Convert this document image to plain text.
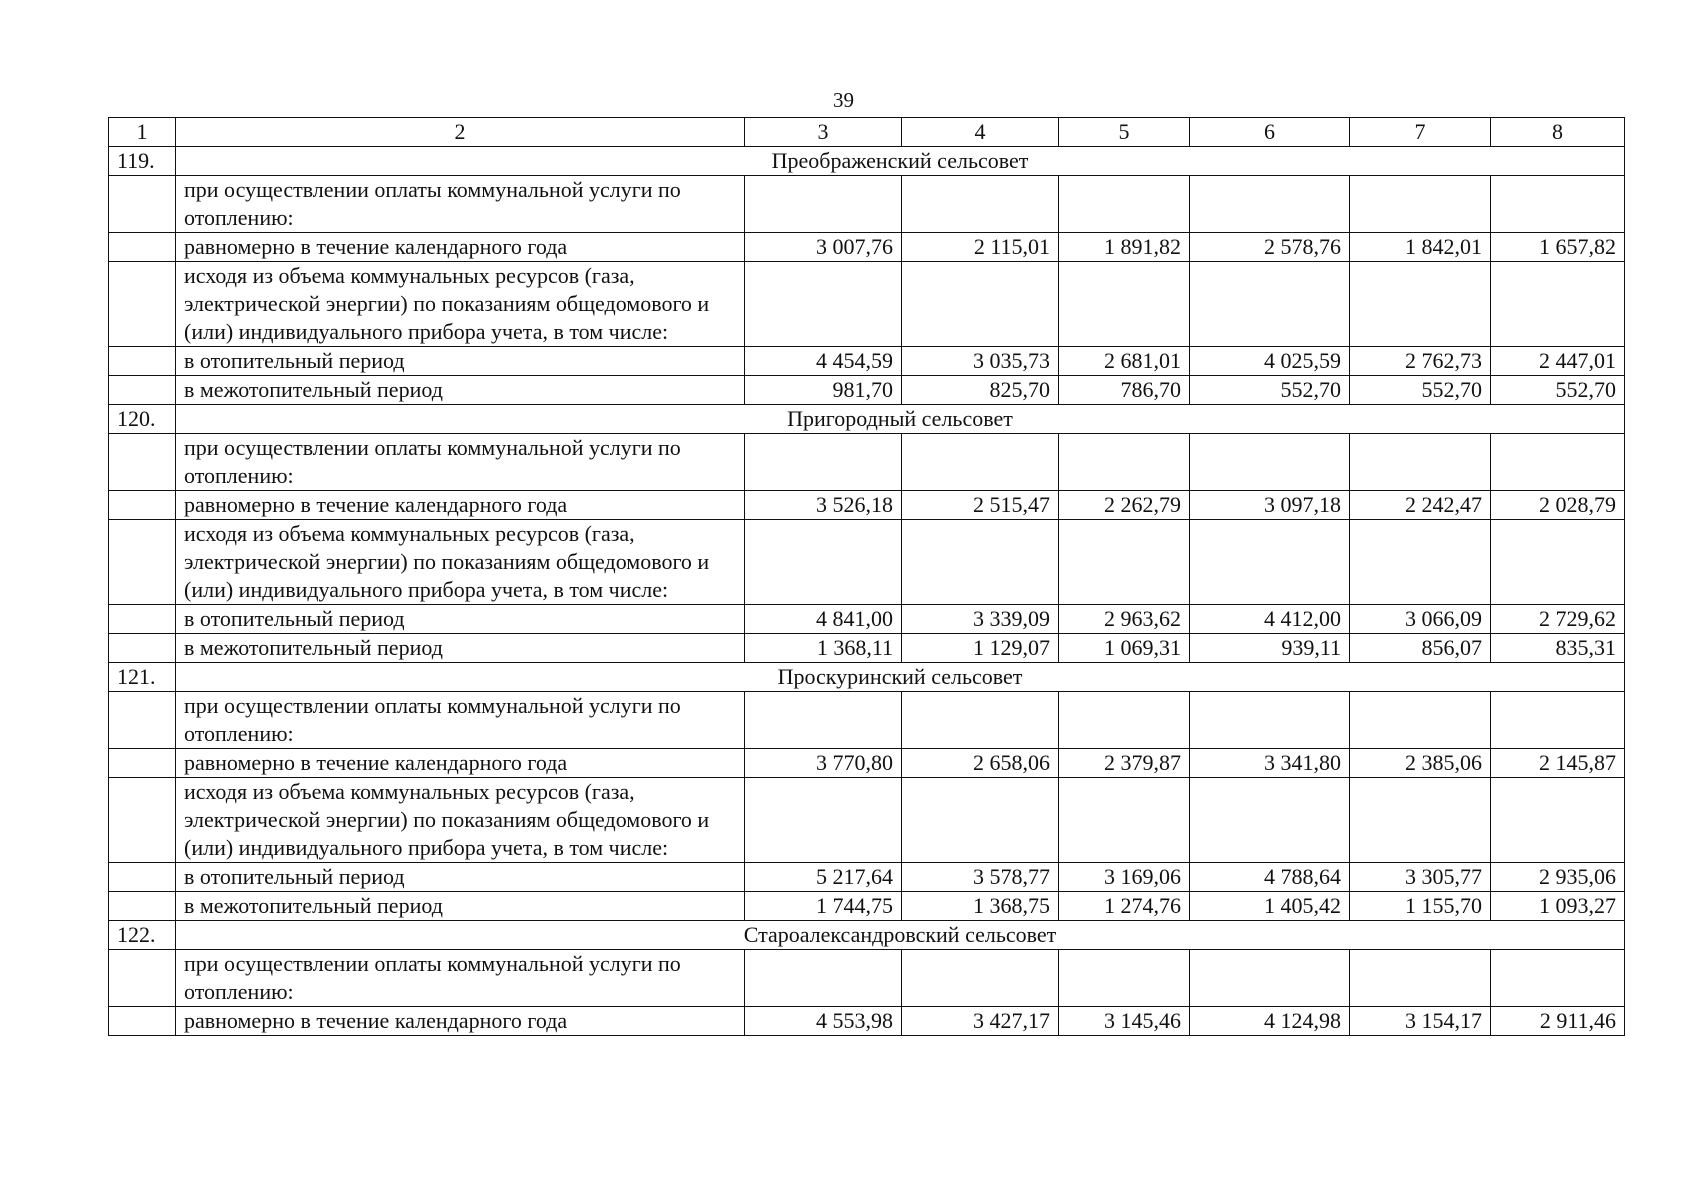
39
1	2	3	4	5	6	7	8
119.	Преображенский сельсовет						
	при осуществлении оплаты коммунальной услуги по отоплению:						
	равномерно в течение календарного года	3 007,76	2 115,01	1 891,82	2 578,76	1 842,01	1 657,82
	исходя из объема коммунальных ресурсов (газа, электрической энергии) по показаниям общедомового и (или) индивидуального прибора учета, в том числе:						
	в отопительный период	4 454,59	3 035,73	2 681,01	4 025,59	2 762,73	2 447,01
	в межотопительный период	981,70	825,70	786,70	552,70	552,70	552,70
120.	Пригородный сельсовет						
	при осуществлении оплаты коммунальной услуги по отоплению:						
	равномерно в течение календарного года	3 526,18	2 515,47	2 262,79	3 097,18	2 242,47	2 028,79
	исходя из объема коммунальных ресурсов (газа, электрической энергии) по показаниям общедомового и (или) индивидуального прибора учета, в том числе:						
	в отопительный период	4 841,00	3 339,09	2 963,62	4 412,00	3 066,09	2 729,62
	в межотопительный период	1 368,11	1 129,07	1 069,31	939,11	856,07	835,31
121.	Проскуринский сельсовет						
	при осуществлении оплаты коммунальной услуги по отоплению:						
	равномерно в течение календарного года	3 770,80	2 658,06	2 379,87	3 341,80	2 385,06	2 145,87
	исходя из объема коммунальных ресурсов (газа, электрической энергии) по показаниям общедомового и (или) индивидуального прибора учета, в том числе:						
	в отопительный период	5 217,64	3 578,77	3 169,06	4 788,64	3 305,77	2 935,06
	в межотопительный период	1 744,75	1 368,75	1 274,76	1 405,42	1 155,70	1 093,27
122.	Староалександровский сельсовет						
	при осуществлении оплаты коммунальной услуги по отоплению:						
	равномерно в течение календарного года	4 553,98	3 427,17	3 145,46	4 124,98	3 154,17	2 911,46
